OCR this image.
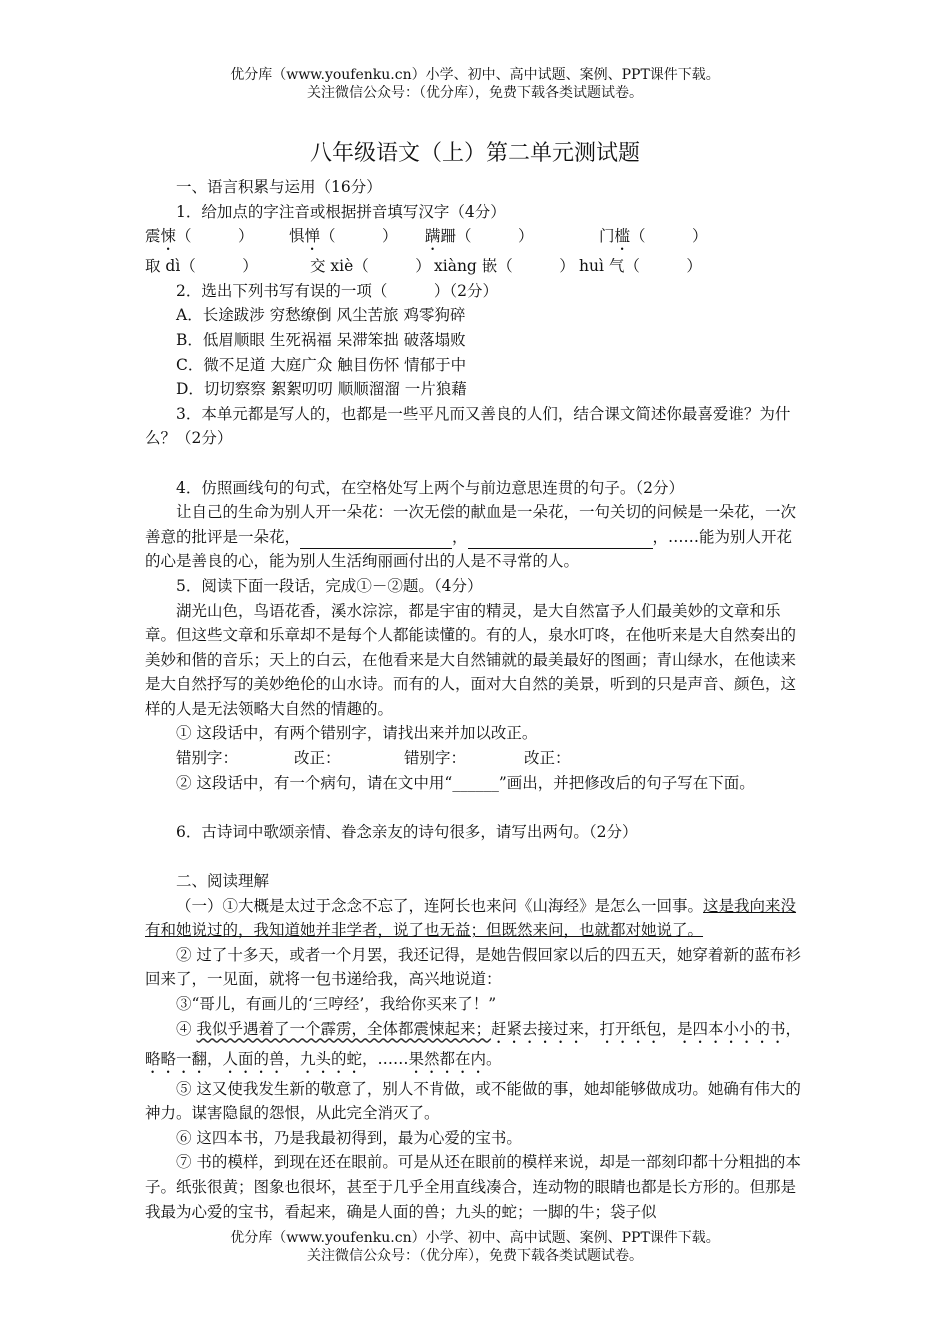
优分库（www.youfenku.cn）小学、初中、高中试题、案例、PPT课件下载。
关注微信公众号：（优分库），免费下载各类试题试卷。
八年级语文（上）第二单元测试题

一、语言积累与运用（16分）

1．给加点的字注音或根据拼音填写汉字（4分）

震悚（　　　）	惧惮（　　　）	蹒跚（　　　）	门槛（　　　）
取 dì（　　　）	交 xiè（　　　） xiàng 嵌（　　　） huì 气（　　　）

2．选出下列书写有误的一项（　　　）（2分）

A．长途跋涉 穷愁缭倒 风尘苦旅 鸡零狗碎

B．低眉顺眼 生死祸福 呆滞笨拙 破落塌败

C．微不足道 大庭广众 触目伤怀 情郁于中

D．切切察察 絮絮叨叨 顺顺溜溜 一片狼藉

3．本单元都是写人的，也都是一些平凡而又善良的人们，结合课文简述你最喜爱谁？为什么？（2分）

4．仿照画线句的句式，在空格处写上两个与前边意思连贯的句子。（2分）

让自己的生命为别人开一朵花：一次无偿的献血是一朵花，一句关切的问候是一朵花，一次善意的批评是一朵花，	，	，……能为别人开花的心是善良的心，能为别人生活绚丽画付出的人是不寻常的人。

5．阅读下面一段话，完成①－②题。（4分）

湖光山色，鸟语花香，溪水淙淙，都是宇宙的精灵，是大自然富予人们最美妙的文章和乐章。但这些文章和乐章却不是每个人都能读懂的。有的人，泉水叮咚，在他听来是大自然奏出的美妙和偕的音乐；天上的白云，在他看来是大自然铺就的最美最好的图画；青山绿水，在他读来是大自然抒写的美妙绝伦的山水诗。而有的人，面对大自然的美景，听到的只是声音、颜色，这样的人是无法领略大自然的情趣的。

① 这段话中，有两个错别字，请找出来并加以改正。

错别字：	改正：	错别字：	改正：

② 这段话中，有一个病句，请在文中用“______”画出，并把修改后的句子写在下面。

6．古诗词中歌颂亲情、眷念亲友的诗句很多，请写出两句。（2分）

二、阅读理解

（一）①大概是太过于念念不忘了，连阿长也来问《山海经》是怎么一回事。这是我向来没有和她说过的，我知道她并非学者，说了也无益；但既然来问，也就都对她说了。

② 过了十多天，或者一个月罢，我还记得，是她告假回家以后的四五天，她穿着新的蓝布衫回来了，一见面，就将一包书递给我，高兴地说道：

③“哥儿，有画儿的‘三哼经’，我给你买来了！”

④ 我似乎遇着了一个霹雳，全体都震悚起来；赶紧去接过来，打开纸包，是四本小小的书，略略一翻，人面的兽，九头的蛇，……果然都在内。

⑤ 这又使我发生新的敬意了，别人不肯做，或不能做的事，她却能够做成功。她确有伟大的神力。谋害隐鼠的怨恨，从此完全消灭了。

⑥ 这四本书，乃是我最初得到，最为心爱的宝书。

⑦ 书的模样，到现在还在眼前。可是从还在眼前的模样来说，却是一部刻印都十分粗拙的本子。纸张很黄；图象也很坏，甚至于几乎全用直线凑合，连动物的眼睛也都是长方形的。但那是我最为心爱的宝书，看起来，确是人面的兽；九头的蛇；一脚的牛；袋子似

优分库（www.youfenku.cn）小学、初中、高中试题、案例、PPT课件下载。
关注微信公众号：（优分库），免费下载各类试题试卷。
